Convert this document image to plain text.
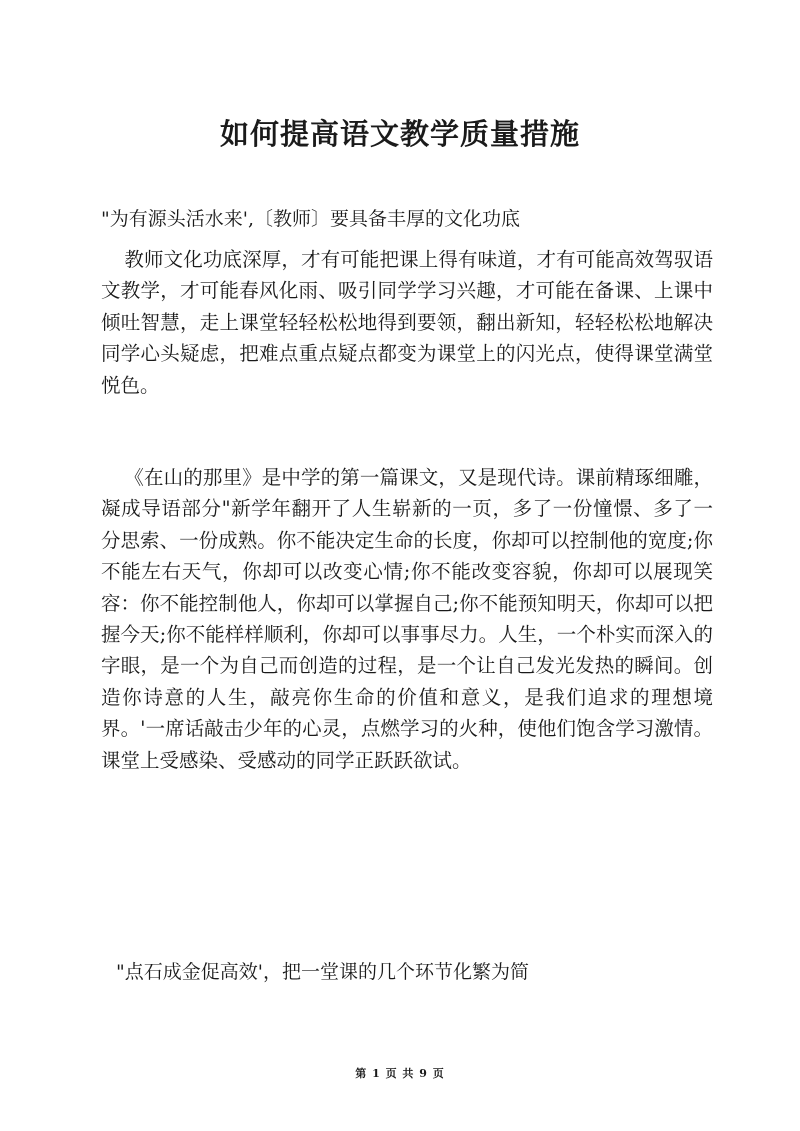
如何提高语文教学质量措施

"为有源头活水来',〔教师〕要具备丰厚的文化功底

教师文化功底深厚，才有可能把课上得有味道，才有可能高效驾驭语文教学，才可能春风化雨、吸引同学学习兴趣，才可能在备课、上课中倾吐智慧，走上课堂轻轻松松地得到要领，翻出新知，轻轻松松地解决同学心头疑虑，把难点重点疑点都变为课堂上的闪光点，使得课堂满堂悦色。

《在山的那里》是中学的第一篇课文，又是现代诗。课前精琢细雕，凝成导语部分"新学年翻开了人生崭新的一页，多了一份憧憬、多了一分思索、一份成熟。你不能决定生命的长度，你却可以控制他的宽度;你不能左右天气，你却可以改变心情;你不能改变容貌，你却可以展现笑容：你不能控制他人，你却可以掌握自己;你不能预知明天，你却可以把握今天;你不能样样顺利，你却可以事事尽力。人生，一个朴实而深入的字眼，是一个为自己而创造的过程，是一个让自己发光发热的瞬间。创造你诗意的人生，敲亮你生命的价值和意义，是我们追求的理想境界。'一席话敲击少年的心灵，点燃学习的火种，使他们饱含学习激情。课堂上受感染、受感动的同学正跃跃欲试。

"点石成金促高效'，把一堂课的几个环节化繁为简

第 1 页 共 9 页
